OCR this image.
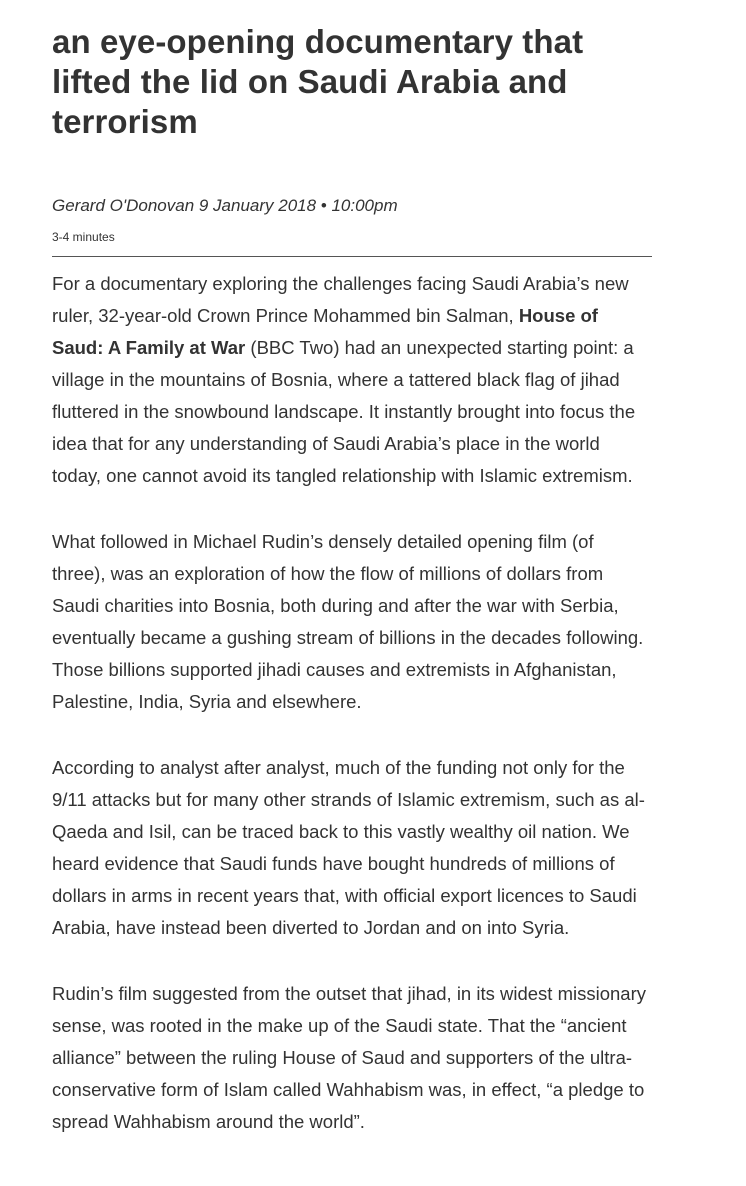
an eye-opening documentary that lifted the lid on Saudi Arabia and terrorism
Gerard O'Donovan 9 January 2018 • 10:00pm
3-4 minutes

For a documentary exploring the challenges facing Saudi Arabia’s new ruler, 32-year-old Crown Prince Mohammed bin Salman, House of Saud: A Family at War (BBC Two) had an unexpected starting point: a village in the mountains of Bosnia, where a tattered black flag of jihad fluttered in the snowbound landscape. It instantly brought into focus the idea that for any understanding of Saudi Arabia’s place in the world today, one cannot avoid its tangled relationship with Islamic extremism.

What followed in Michael Rudin’s densely detailed opening film (of three), was an exploration of how the flow of millions of dollars from Saudi charities into Bosnia, both during and after the war with Serbia, eventually became a gushing stream of billions in the decades following. Those billions supported jihadi causes and extremists in Afghanistan, Palestine, India, Syria and elsewhere.

According to analyst after analyst, much of the funding not only for the 9/11 attacks but for many other strands of Islamic extremism, such as al-Qaeda and Isil, can be traced back to this vastly wealthy oil nation. We heard evidence that Saudi funds have bought hundreds of millions of dollars in arms in recent years that, with official export licences to Saudi Arabia, have instead been diverted to Jordan and on into Syria.

Rudin’s film suggested from the outset that jihad, in its widest missionary sense, was rooted in the make up of the Saudi state. That the “ancient alliance” between the ruling House of Saud and supporters of the ultra-conservative form of Islam called Wahhabism was, in effect, “a pledge to spread Wahhabism around the world”.
